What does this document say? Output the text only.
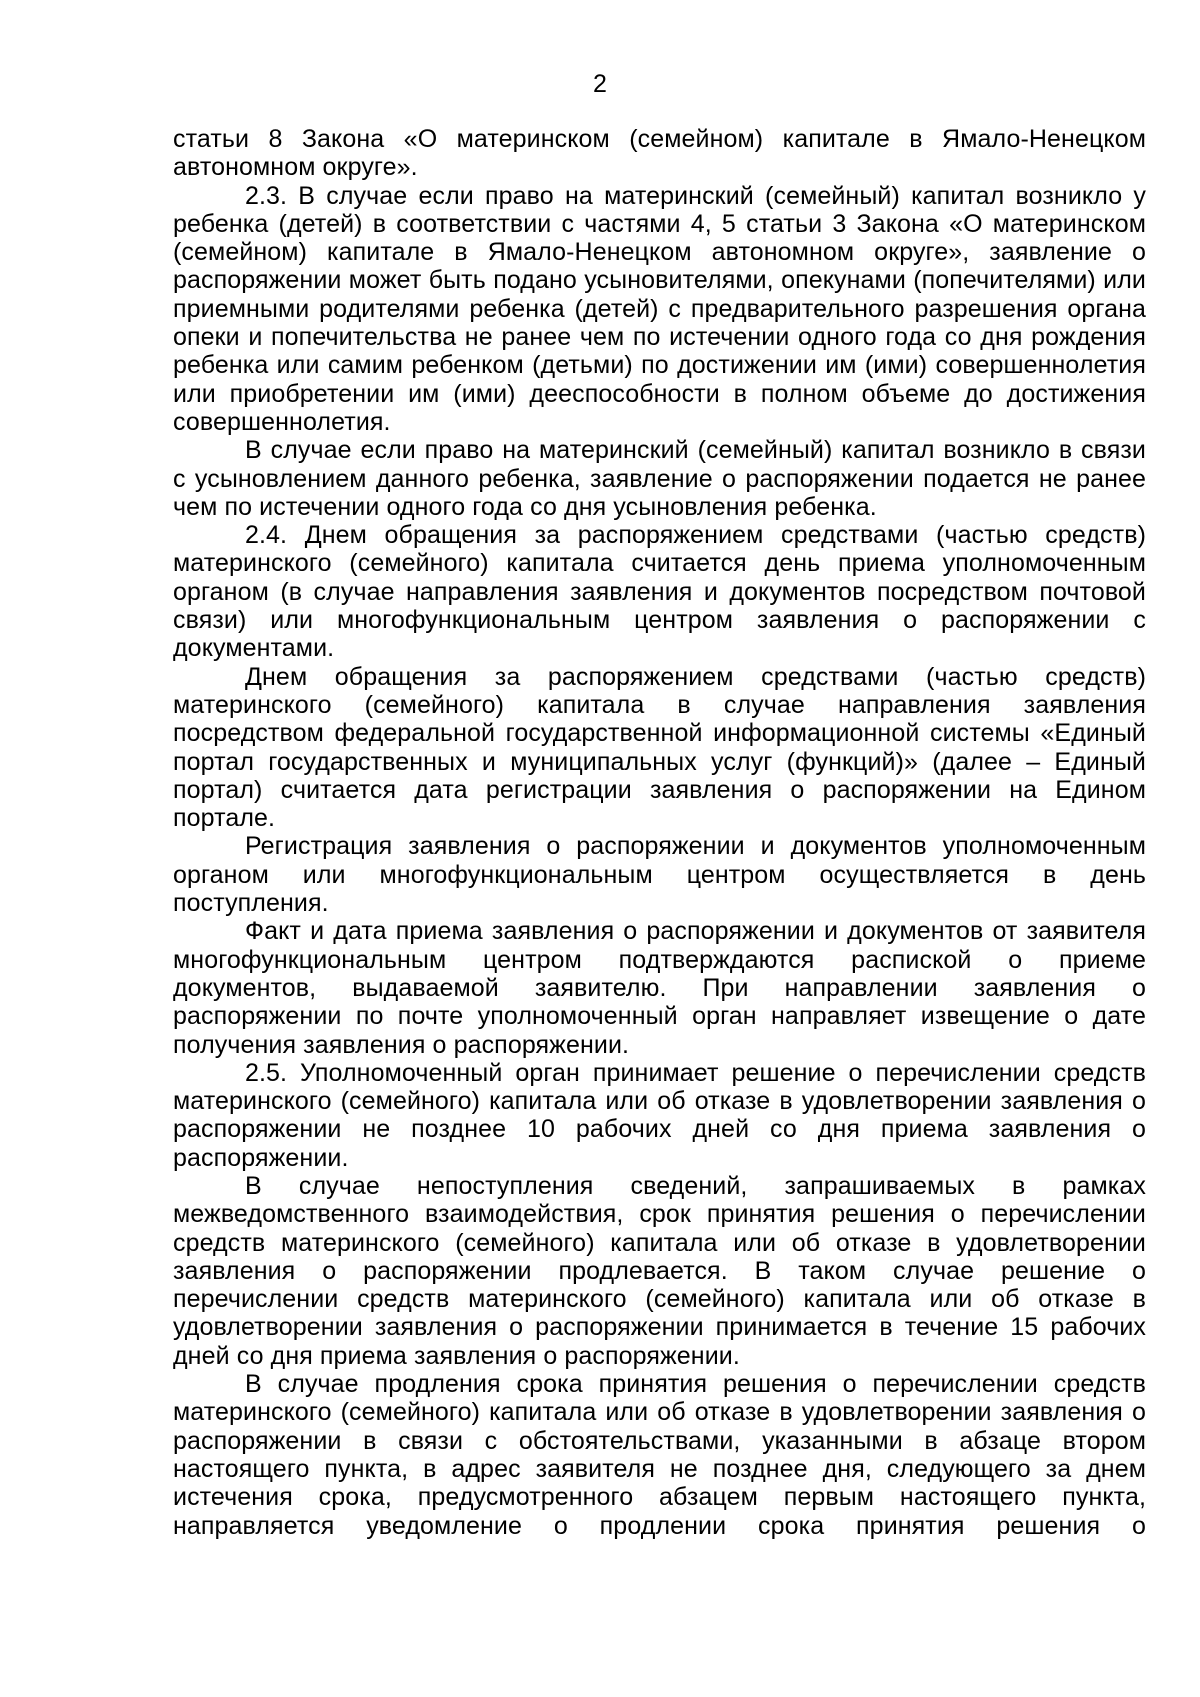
2

статьи 8 Закона «О материнском (семейном) капитале в Ямало-Ненецком автономном округе».

2.3. В случае если право на материнский (семейный) капитал возникло у ребенка (детей) в соответствии с частями 4, 5 статьи 3 Закона «О материнском (семейном) капитале в Ямало-Ненецком автономном округе», заявление о распоряжении может быть подано усыновителями, опекунами (попечителями) или приемными родителями ребенка (детей) с предварительного разрешения органа опеки и попечительства не ранее чем по истечении одного года со дня рождения ребенка или самим ребенком (детьми) по достижении им (ими) совершеннолетия или приобретении им (ими) дееспособности в полном объеме до достижения совершеннолетия.

В случае если право на материнский (семейный) капитал возникло в связи с усыновлением данного ребенка, заявление о распоряжении подается не ранее чем по истечении одного года со дня усыновления ребенка.

2.4. Днем обращения за распоряжением средствами (частью средств) материнского (семейного) капитала считается день приема уполномоченным органом (в случае направления заявления и документов посредством почтовой связи) или многофункциональным центром заявления о распоряжении с документами.

Днем обращения за распоряжением средствами (частью средств) материнского (семейного) капитала в случае направления заявления посредством федеральной государственной информационной системы «Единый портал государственных и муниципальных услуг (функций)» (далее – Единый портал) считается дата регистрации заявления о распоряжении на Едином портале.

Регистрация заявления о распоряжении и документов уполномоченным органом или многофункциональным центром осуществляется в день поступления.

Факт и дата приема заявления о распоряжении и документов от заявителя многофункциональным центром подтверждаются распиской о приеме документов, выдаваемой заявителю. При направлении заявления о распоряжении по почте уполномоченный орган направляет извещение о дате получения заявления о распоряжении.

2.5. Уполномоченный орган принимает решение о перечислении средств материнского (семейного) капитала или об отказе в удовлетворении заявления о распоряжении не позднее 10 рабочих дней со дня приема заявления о распоряжении.

В случае непоступления сведений, запрашиваемых в рамках межведомственного взаимодействия, срок принятия решения о перечислении средств материнского (семейного) капитала или об отказе в удовлетворении заявления о распоряжении продлевается. В таком случае решение о перечислении средств материнского (семейного) капитала или об отказе в удовлетворении заявления о распоряжении принимается в течение 15 рабочих дней со дня приема заявления о распоряжении.

В случае продления срока принятия решения о перечислении средств материнского (семейного) капитала или об отказе в удовлетворении заявления о распоряжении в связи с обстоятельствами, указанными в абзаце втором настоящего пункта, в адрес заявителя не позднее дня, следующего за днем истечения срока, предусмотренного абзацем первым настоящего пункта, направляется уведомление о продлении срока принятия решения о
